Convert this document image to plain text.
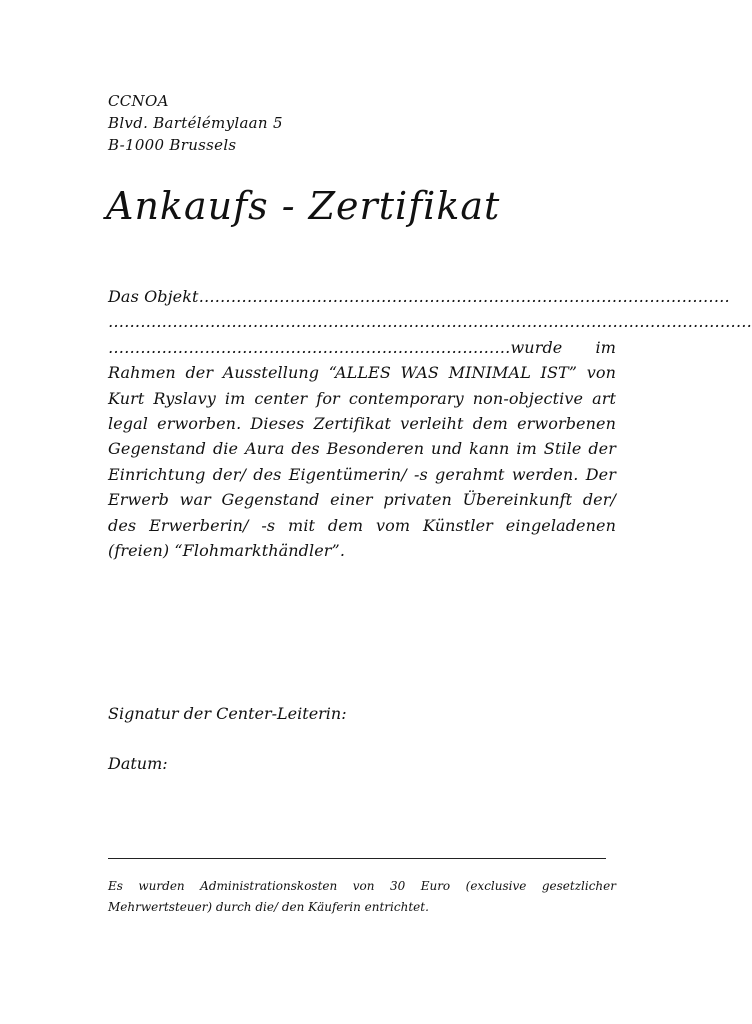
CCNOA
Blvd. Bartélémylaan 5
B-1000 Brussels
Ankaufs - Zertifikat
Das Objekt………………………………………………………………………………………
…………………………………………………………………………………………………………
…………………………………………………………………wurde im Rahmen der Ausstellung “ALLES WAS MINIMAL IST” von Kurt Ryslavy im center for contemporary non-objective art legal erworben. Dieses Zertifikat verleiht dem erworbenen Gegenstand die Aura des Besonderen und kann im Stile der Einrichtung der/ des Eigentümerin/ -s gerahmt werden. Der Erwerb war Gegenstand einer privaten Übereinkunft der/ des Erwerberin/ -s mit dem vom Künstler eingeladenen (freien) “Flohmarkthändler”.
Signatur der Center-Leiterin:
Datum:
Es wurden Administrationskosten von 30 Euro (exclusive gesetzlicher Mehrwertsteuer) durch die/ den Käuferin entrichtet.
